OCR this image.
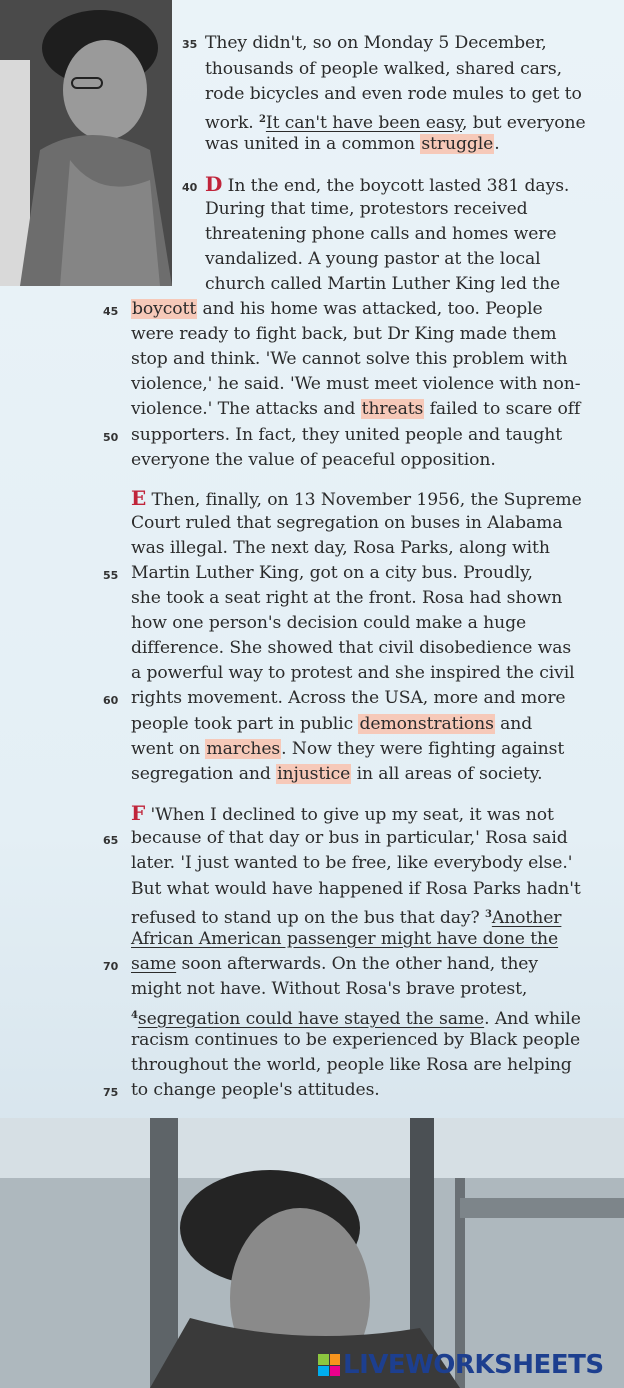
35 They didn't, so on Monday 5 December,
thousands of people walked, shared cars,
rode bicycles and even rode mules to get to
work. $^2$It can't have been easy, but everyone
was united in a common struggle.
40 D In the end, the boycott lasted 381 days.
During that time, protestors received
threatening phone calls and homes were
vandalized. A young pastor at the local
church called Martin Luther King led the
45 boycott and his home was attacked, too. People
were ready to fight back, but Dr King made them
stop and think. 'We cannot solve this problem with
violence,' he said. 'We must meet violence with non-
violence.' The attacks and threats failed to scare off
50 supporters. In fact, they united people and taught
everyone the value of peaceful opposition.
E Then, finally, on 13 November 1956, the Supreme
Court ruled that segregation on buses in Alabama
was illegal. The next day, Rosa Parks, along with
55 Martin Luther King, got on a city bus. Proudly,
she took a seat right at the front. Rosa had shown
how one person's decision could make a huge
difference. She showed that civil disobedience was
a powerful way to protest and she inspired the civil
60 rights movement. Across the USA, more and more
people took part in public demonstrations and
went on marches. Now they were fighting against
segregation and injustice in all areas of society.
F 'When I declined to give up my seat, it was not
65 because of that day or bus in particular,' Rosa said
later. 'I just wanted to be free, like everybody else.'
But what would have happened if Rosa Parks hadn't
refused to stand up on the bus that day? $^3$Another
African American passenger might have done the
70 same soon afterwards. On the other hand, they
might not have. Without Rosa's brave protest,
$^4$segregation could have stayed the same. And while
racism continues to be experienced by Black people
throughout the world, people like Rosa are helping
75 to change people's attitudes.
LIVEWORKSHEETS
